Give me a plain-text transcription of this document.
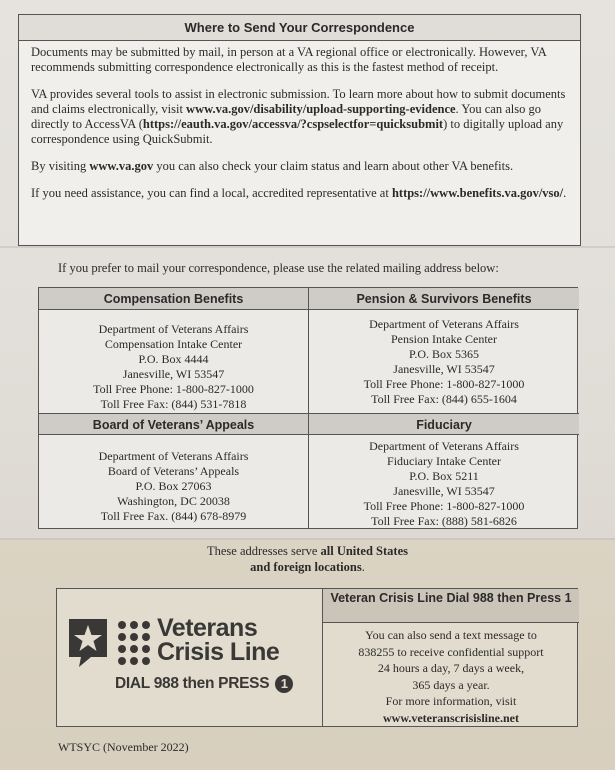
Where to Send Your Correspondence

Documents may be submitted by mail, in person at a VA regional office or electronically. However, VA recommends submitting correspondence electronically as this is the fastest method of receipt.

VA provides several tools to assist in electronic submission. To learn more about how to submit documents and claims electronically, visit www.va.gov/disability/upload-supporting-evidence. You can also go directly to AccessVA (https://eauth.va.gov/accessva/?cspselectfor=quicksubmit) to digitally upload any correspondence using QuickSubmit.

By visiting www.va.gov you can also check your claim status and learn about other VA benefits.

If you need assistance, you can find a local, accredited representative at https://www.benefits.va.gov/vso/.

If you prefer to mail your correspondence, please use the related mailing address below:
Compensation Benefits
Department of Veterans Affairs
Compensation Intake Center
P.O. Box 4444
Janesville, WI 53547
Toll Free Phone: 1-800-827-1000
Toll Free Fax: (844) 531-7818
Board of Veterans’ Appeals
Department of Veterans Affairs
Board of Veterans’ Appeals
P.O. Box 27063
Washington, DC 20038
Toll Free Fax. (844) 678-8979
Pension & Survivors Benefits
Department of Veterans Affairs
Pension Intake Center
P.O. Box 5365
Janesville, WI 53547
Toll Free Phone: 1-800-827-1000
Toll Free Fax: (844) 655-1604
Fiduciary
Department of Veterans Affairs
Fiduciary Intake Center
P.O. Box 5211
Janesville, WI 53547
Toll Free Phone: 1-800-827-1000
Toll Free Fax: (888) 581-6826
These addresses serve all United States
and foreign locations.
Veterans
Crisis Line
DIAL 988 then PRESS 1
Veteran Crisis Line Dial 988 then Press 1
You can also send a text message to
838255 to receive confidential support
24 hours a day, 7 days a week,
365 days a year.
For more information, visit
www.veteranscrisisline.net
WTSYC (November 2022)
